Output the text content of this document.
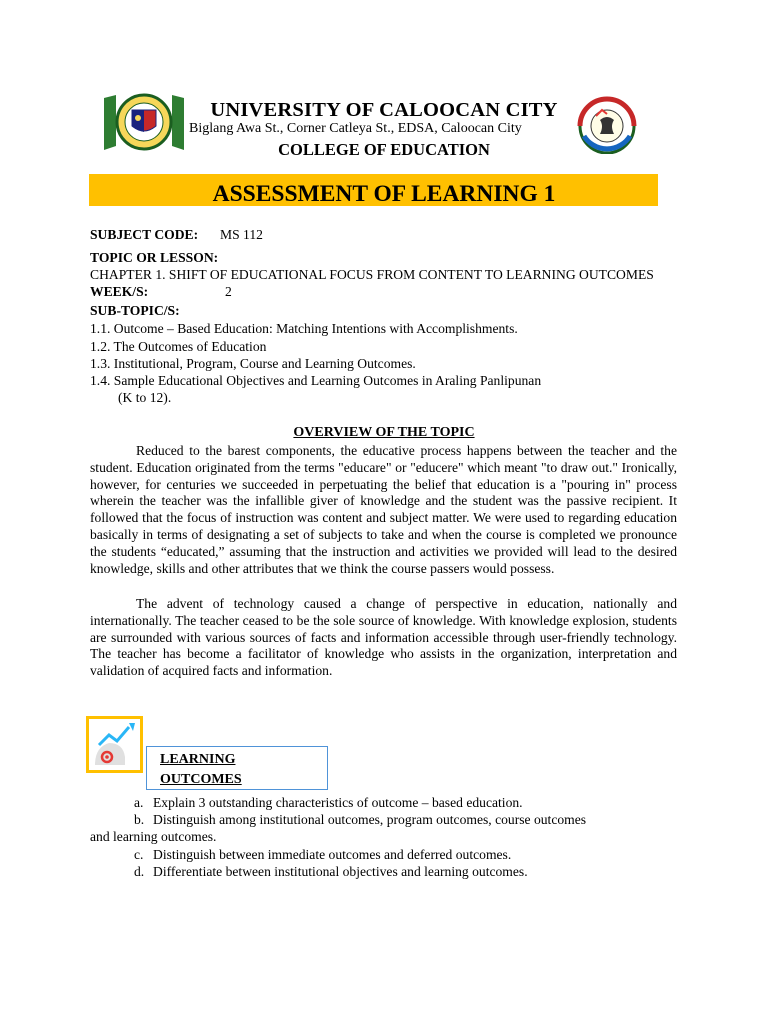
UNIVERSITY OF CALOOCAN CITY
Biglang Awa St., Corner Catleya St., EDSA, Caloocan City
COLLEGE OF EDUCATION
ASSESSMENT OF LEARNING 1
SUBJECT CODE: MS 112
TOPIC OR LESSON:
CHAPTER 1. SHIFT OF EDUCATIONAL FOCUS FROM CONTENT TO LEARNING OUTCOMES
WEEK/S:	2
SUB-TOPIC/S:
1.1. Outcome – Based Education: Matching Intentions with Accomplishments.
1.2. The Outcomes of Education
1.3. Institutional, Program, Course and Learning Outcomes.
1.4. Sample Educational Objectives and Learning Outcomes in Araling Panlipunan
(K to 12).
OVERVIEW OF THE TOPIC
Reduced to the barest components, the educative process happens between the teacher and the student. Education originated from the terms "educare" or "educere" which meant "to draw out." Ironically, however, for centuries we succeeded in perpetuating the belief that education is a "pouring in" process wherein the teacher was the infallible giver of knowledge and the student was the passive recipient. It followed that the focus of instruction was content and subject matter. We were used to regarding education basically in terms of designating a set of subjects to take and when the course is completed we pronounce the students “educated,” assuming that the instruction and activities we provided will lead to the desired knowledge, skills and other attributes that we think the course passers would possess.
The advent of technology caused a change of perspective in education, nationally and internationally. The teacher ceased to be the sole source of knowledge. With knowledge explosion, students are surrounded with various sources of facts and information accessible through user-friendly technology. The teacher has become a facilitator of knowledge who assists in the organization, interpretation and validation of acquired facts and information.
LEARNING
OUTCOMES
a. Explain 3 outstanding characteristics of outcome – based education.
b. Distinguish among institutional outcomes, program outcomes, course outcomes
and learning outcomes.
c. Distinguish between immediate outcomes and deferred outcomes.
d. Differentiate between institutional objectives and learning outcomes.
